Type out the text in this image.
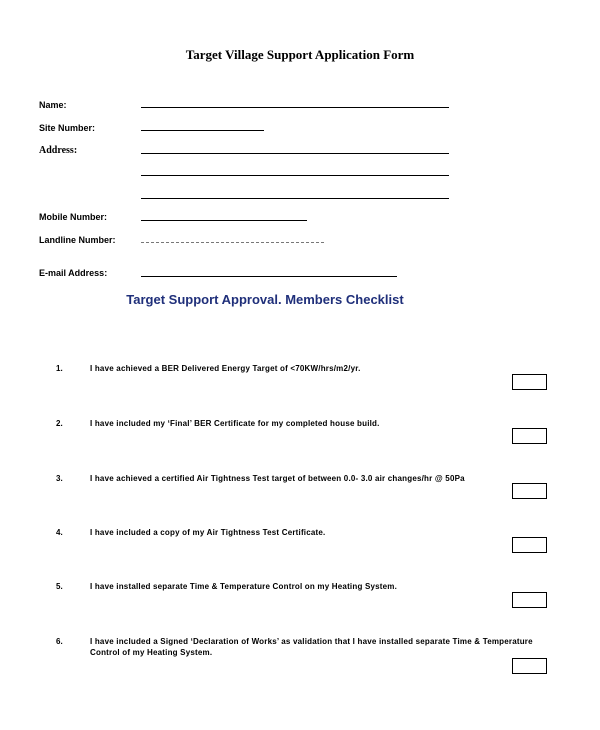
Target Village Support Application Form
Name:
Site Number:
Address:
Mobile Number:
Landline Number:
E-mail Address:
Target Support Approval. Members Checklist
1.	I have achieved a BER Delivered Energy Target of <70KW/hrs/m2/yr.
2.	I have included my ‘Final’ BER Certificate for my completed house build.
3.	I have achieved a certified Air Tightness Test target of between 0.0- 3.0 air changes/hr @ 50Pa
4.	I have included a copy of my Air Tightness Test Certificate.
5.	I have installed separate Time & Temperature Control on my Heating System.
6.	I have included a Signed ‘Declaration of Works’ as validation that I have installed separate Time & Temperature Control of my Heating System.
